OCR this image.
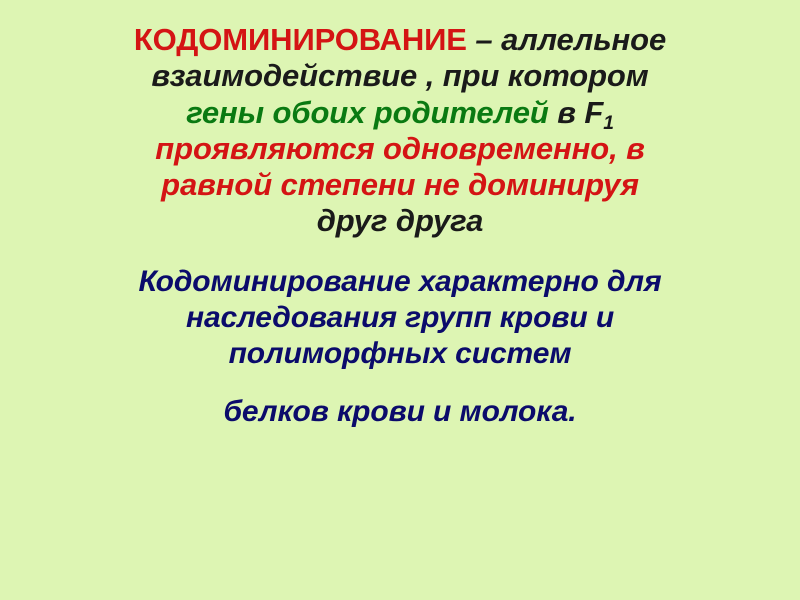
КОДОМИНИРОВАНИЕ – аллельное
взаимодействие , при котором
гены обоих родителей в $F_1$
проявляются одновременно, в
равной степени не доминируя
друг друга
Кодоминирование характерно для
наследования групп крови и
полиморфных систем
белков крови и молока.
